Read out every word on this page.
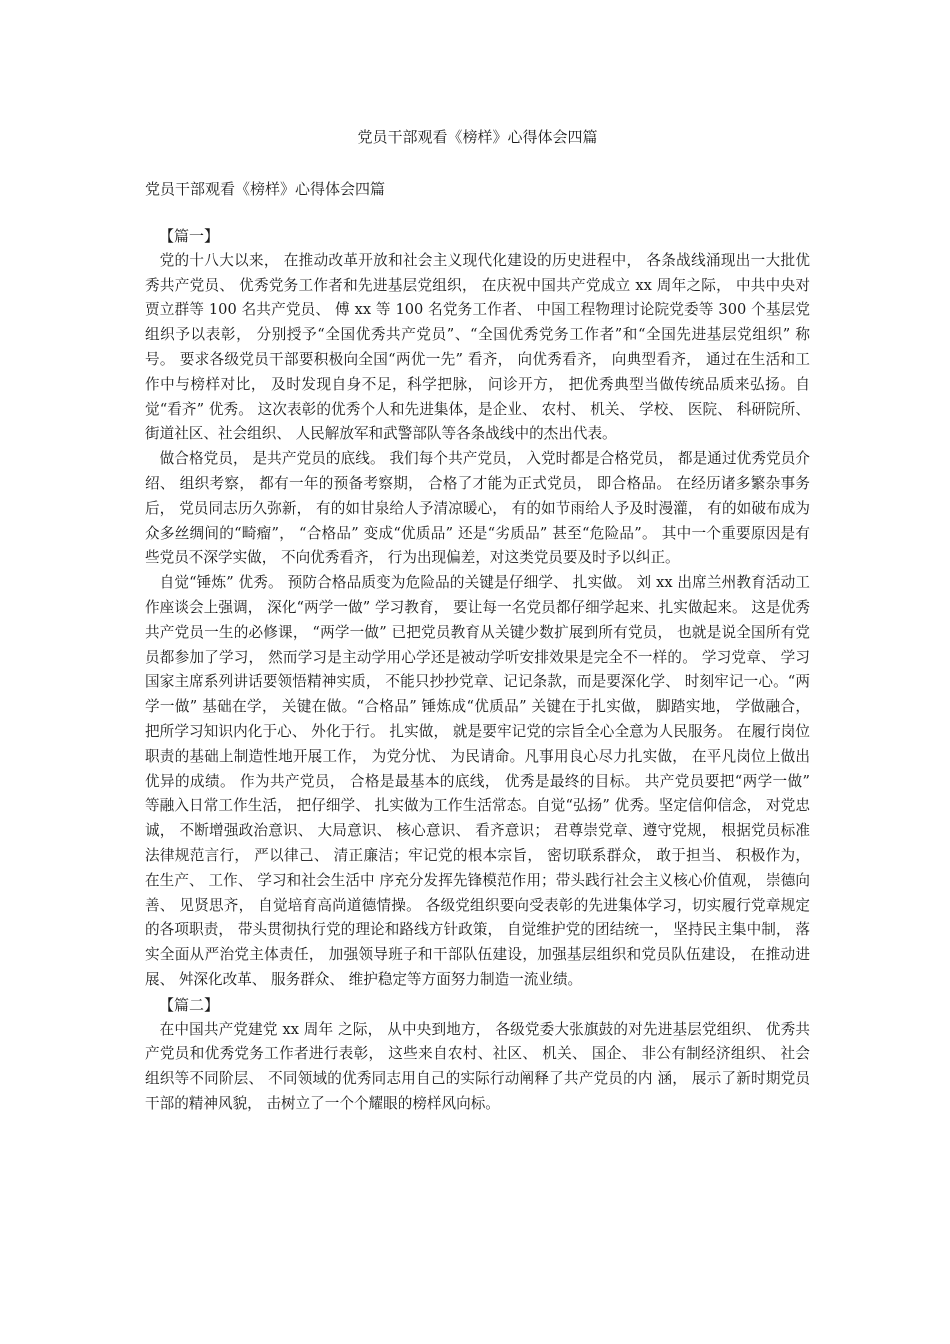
党员干部观看《榜样》心得体会四篇
党员干部观看《榜样》心得体会四篇
【篇一】

党的十八大以来， 在推动改革开放和社会主义现代化建设的历史进程中， 各条战线涌现出一大批优秀共产党员、 优秀党务工作者和先进基层党组织， 在庆祝中国共产党成立 xx 周年之际， 中共中央对贾立群等 100 名共产党员、 傅 xx 等 100 名党务工作者、 中国工程物理讨论院党委等 300 个基层党组织予以表彰， 分别授予“全国优秀共产党员”、“全国优秀党务工作者”和“全国先进基层党组织” 称号。 要求各级党员干部要积极向全国“两优一先” 看齐， 向优秀看齐， 向典型看齐， 通过在生活和工作中与榜样对比， 及时发现自身不足，科学把脉， 问诊开方， 把优秀典型当做传统品质来弘扬。自觉“看齐” 优秀。 这次表彰的优秀个人和先进集体，是企业、 农村、 机关、 学校、 医院、 科研院所、 街道社区、社会组织、 人民解放军和武警部队等各条战线中的杰出代表。

做合格党员， 是共产党员的底线。 我们每个共产党员， 入党时都是合格党员， 都是通过优秀党员介绍、 组织考察， 都有一年的预备考察期， 合格了才能为正式党员， 即合格品。 在经历诸多繁杂事务后， 党员同志历久弥新， 有的如甘泉给人予清凉暖心， 有的如节雨给人予及时漫灌， 有的如破布成为众多丝绸间的“畸瘤”， “合格品” 变成“优质品” 还是“劣质品” 甚至“危险品”。 其中一个重要原因是有些党员不深学实做， 不向优秀看齐， 行为出现偏差，对这类党员要及时予以纠正。

自觉“锤炼” 优秀。 预防合格品质变为危险品的关键是仔细学、 扎实做。 刘 xx 出席兰州教育活动工作座谈会上强调， 深化“两学一做” 学习教育， 要让每一名党员都仔细学起来、扎实做起来。 这是优秀共产党员一生的必修课， “两学一做” 已把党员教育从关键少数扩展到所有党员， 也就是说全国所有党员都参加了学习， 然而学习是主动学用心学还是被动学听安排效果是完全不一样的。 学习党章、 学习国家主席系列讲话要领悟精神实质， 不能只抄抄党章、记记条款，而是要深化学、 时刻牢记一心。“两学一做” 基础在学， 关键在做。“合格品” 锤炼成“优质品” 关键在于扎实做， 脚踏实地， 学做融合， 把所学习知识内化于心、 外化于行。 扎实做， 就是要牢记党的宗旨全心全意为人民服务。 在履行岗位职责的基础上制造性地开展工作， 为党分忧、 为民请命。凡事用良心尽力扎实做， 在平凡岗位上做出优异的成绩。 作为共产党员， 合格是最基本的底线， 优秀是最终的目标。 共产党员要把“两学一做” 等融入日常工作生活， 把仔细学、 扎实做为工作生活常态。自觉“弘扬” 优秀。坚定信仰信念， 对党忠诚， 不断增强政治意识、 大局意识、 核心意识、 看齐意识； 君尊崇党章、遵守党规， 根据党员标准法律规范言行， 严以律己、 清正廉洁；牢记党的根本宗旨， 密切联系群众， 敢于担当、 积极作为，在生产、 工作、 学习和社会生活中 序充分发挥先锋模范作用；带头践行社会主义核心价值观， 崇德向善、 见贤思齐， 自觉培育高尚道德情操。 各级党组织要向受表彰的先进集体学习，切实履行党章规定 的各项职责， 带头贯彻执行党的理论和路线方针政策， 自觉维护党的团结统一， 坚持民主集中制， 落实全面从严治党主体责任， 加强领导班子和干部队伍建设，加强基层组织和党员队伍建设， 在推动进展、 舛深化改革、 服务群众、 维护稳定等方面努力制造一流业绩。

【篇二】

在中国共产党建党 xx 周年 之际， 从中央到地方， 各级党委大张旗鼓的对先进基层党组织、 优秀共产党员和优秀党务工作者进行表彰， 这些来自农村、社区、 机关、 国企、 非公有制经济组织、 社会组织等不同阶层、 不同领域的优秀同志用自己的实际行动阐释了共产党员的内 涵， 展示了新时期党员干部的精神风貌， 击树立了一个个耀眼的榜样风向标。
